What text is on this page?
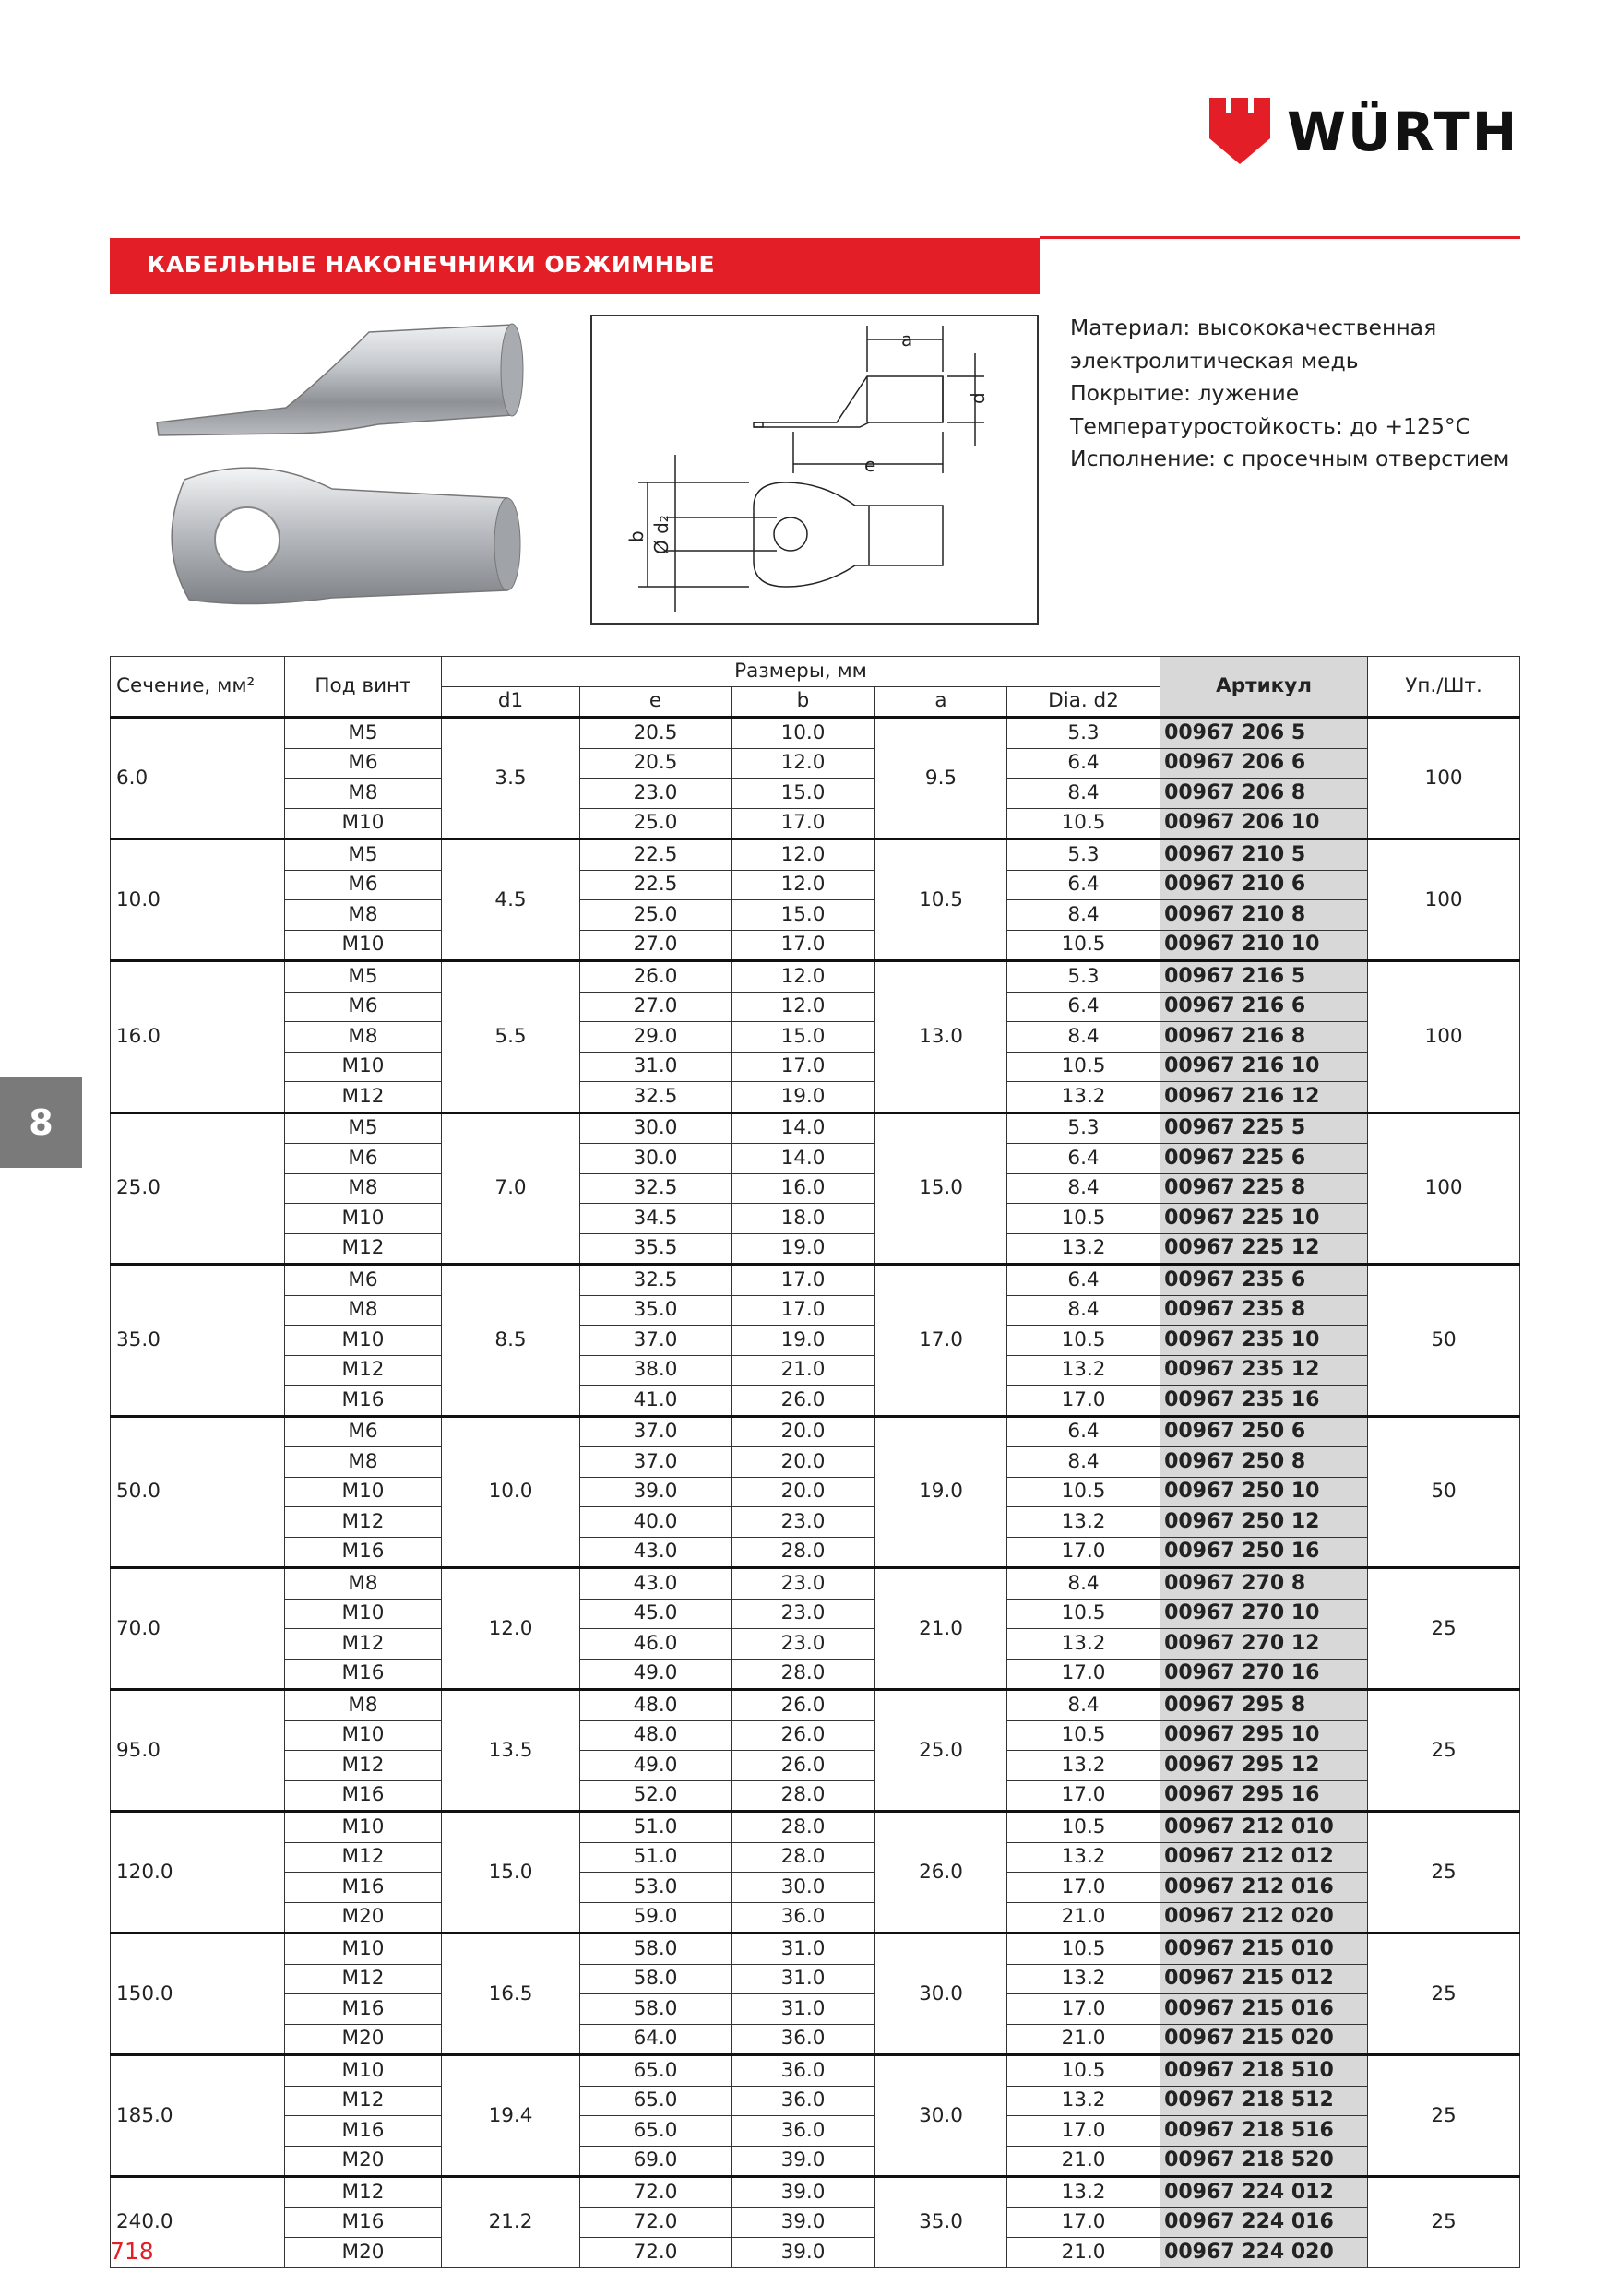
WÜRTH
КАБЕЛЬНЫЕ НАКОНЕЧНИКИ ОБЖИМНЫЕ
a
d
e
b Ø d₂
Материал: высококачественная
электролитическая медь
Покрытие: лужение
Температуростойкость: до +125°С
Исполнение: с просечным отверстием
8
Сечение, мм²	Под винт	Размеры, мм					Артикул	Уп./Шт.
		d1	e	b	a	Dia. d2		
6.0	M5	3.5	20.5	10.0	9.5	5.3	00967 206 5	100
	M6		20.5	12.0		6.4	00967 206 6	
	M8		23.0	15.0		8.4	00967 206 8	
	M10		25.0	17.0		10.5	00967 206 10	
10.0	M5	4.5	22.5	12.0	10.5	5.3	00967 210 5	100
	M6		22.5	12.0		6.4	00967 210 6	
	M8		25.0	15.0		8.4	00967 210 8	
	M10		27.0	17.0		10.5	00967 210 10	
16.0	M5	5.5	26.0	12.0	13.0	5.3	00967 216 5	100
	M6		27.0	12.0		6.4	00967 216 6	
	M8		29.0	15.0		8.4	00967 216 8	
	M10		31.0	17.0		10.5	00967 216 10	
	M12		32.5	19.0		13.2	00967 216 12	
25.0	M5	7.0	30.0	14.0	15.0	5.3	00967 225 5	100
	M6		30.0	14.0		6.4	00967 225 6	
	M8		32.5	16.0		8.4	00967 225 8	
	M10		34.5	18.0		10.5	00967 225 10	
	M12		35.5	19.0		13.2	00967 225 12	
35.0	M6	8.5	32.5	17.0	17.0	6.4	00967 235 6	50
	M8		35.0	17.0		8.4	00967 235 8	
	M10		37.0	19.0		10.5	00967 235 10	
	M12		38.0	21.0		13.2	00967 235 12	
	M16		41.0	26.0		17.0	00967 235 16	
50.0	M6	10.0	37.0	20.0	19.0	6.4	00967 250 6	50
	M8		37.0	20.0		8.4	00967 250 8	
	M10		39.0	20.0		10.5	00967 250 10	
	M12		40.0	23.0		13.2	00967 250 12	
	M16		43.0	28.0		17.0	00967 250 16	
70.0	M8	12.0	43.0	23.0	21.0	8.4	00967 270 8	25
	M10		45.0	23.0		10.5	00967 270 10	
	M12		46.0	23.0		13.2	00967 270 12	
	M16		49.0	28.0		17.0	00967 270 16	
95.0	M8	13.5	48.0	26.0	25.0	8.4	00967 295 8	25
	M10		48.0	26.0		10.5	00967 295 10	
	M12		49.0	26.0		13.2	00967 295 12	
	M16		52.0	28.0		17.0	00967 295 16	
120.0	M10	15.0	51.0	28.0	26.0	10.5	00967 212 010	25
	M12		51.0	28.0		13.2	00967 212 012	
	M16		53.0	30.0		17.0	00967 212 016	
	M20		59.0	36.0		21.0	00967 212 020	
150.0	M10	16.5	58.0	31.0	30.0	10.5	00967 215 010	25
	M12		58.0	31.0		13.2	00967 215 012	
	M16		58.0	31.0		17.0	00967 215 016	
	M20		64.0	36.0		21.0	00967 215 020	
185.0	M10	19.4	65.0	36.0	30.0	10.5	00967 218 510	25
	M12		65.0	36.0		13.2	00967 218 512	
	M16		65.0	36.0		17.0	00967 218 516	
	M20		69.0	39.0		21.0	00967 218 520	
240.0	M12	21.2	72.0	39.0	35.0	13.2	00967 224 012	25
	M16		72.0	39.0		17.0	00967 224 016	
	M20		72.0	39.0		21.0	00967 224 020	
718
